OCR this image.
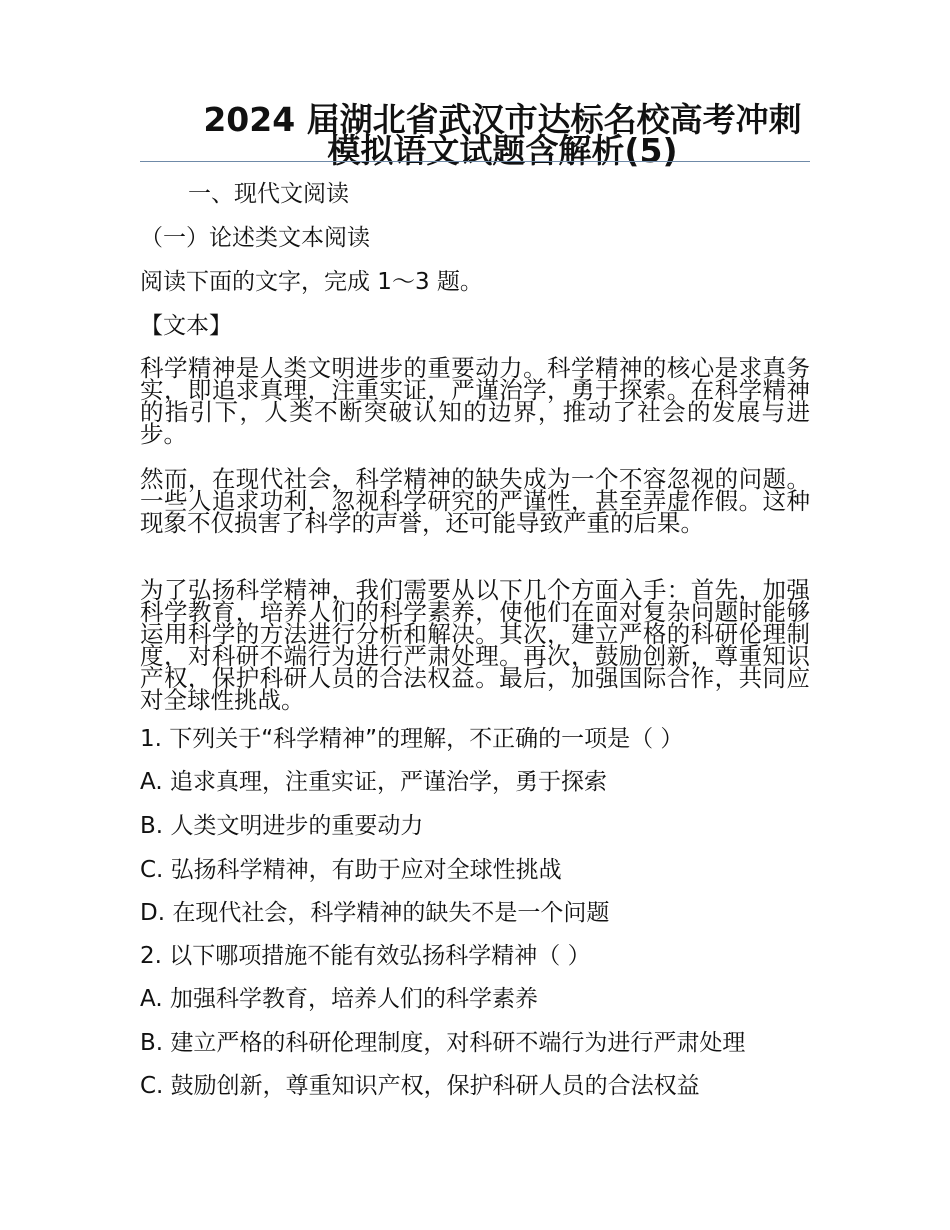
2024 届湖北省武汉市达标名校高考冲刺模拟语文试题含解析(5)
一、现代文阅读
（一）论述类文本阅读
阅读下面的文字，完成 1～3 题。
【文本】

科学精神是人类文明进步的重要动力。科学精神的核心是求真务实，即追求真理，注重实证，严谨治学，勇于探索。在科学精神的指引下，人类不断突破认知的边界，推动了社会的发展与进步。

然而，在现代社会，科学精神的缺失成为一个不容忽视的问题。一些人追求功利，忽视科学研究的严谨性，甚至弄虚作假。这种现象不仅损害了科学的声誉，还可能导致严重的后果。

为了弘扬科学精神，我们需要从以下几个方面入手：首先，加强科学教育，培养人们的科学素养，使他们在面对复杂问题时能够运用科学的方法进行分析和解决。其次，建立严格的科研伦理制度，对科研不端行为进行严肃处理。再次，鼓励创新，尊重知识产权，保护科研人员的合法权益。最后，加强国际合作，共同应对全球性挑战。

1. 下列关于“科学精神”的理解，不正确的一项是（ ）
A. 追求真理，注重实证，严谨治学，勇于探索
B. 人类文明进步的重要动力
C. 弘扬科学精神，有助于应对全球性挑战
D. 在现代社会，科学精神的缺失不是一个问题
2. 以下哪项措施不能有效弘扬科学精神（ ）
A. 加强科学教育，培养人们的科学素养
B. 建立严格的科研伦理制度，对科研不端行为进行严肃处理
C. 鼓励创新，尊重知识产权，保护科研人员的合法权益
